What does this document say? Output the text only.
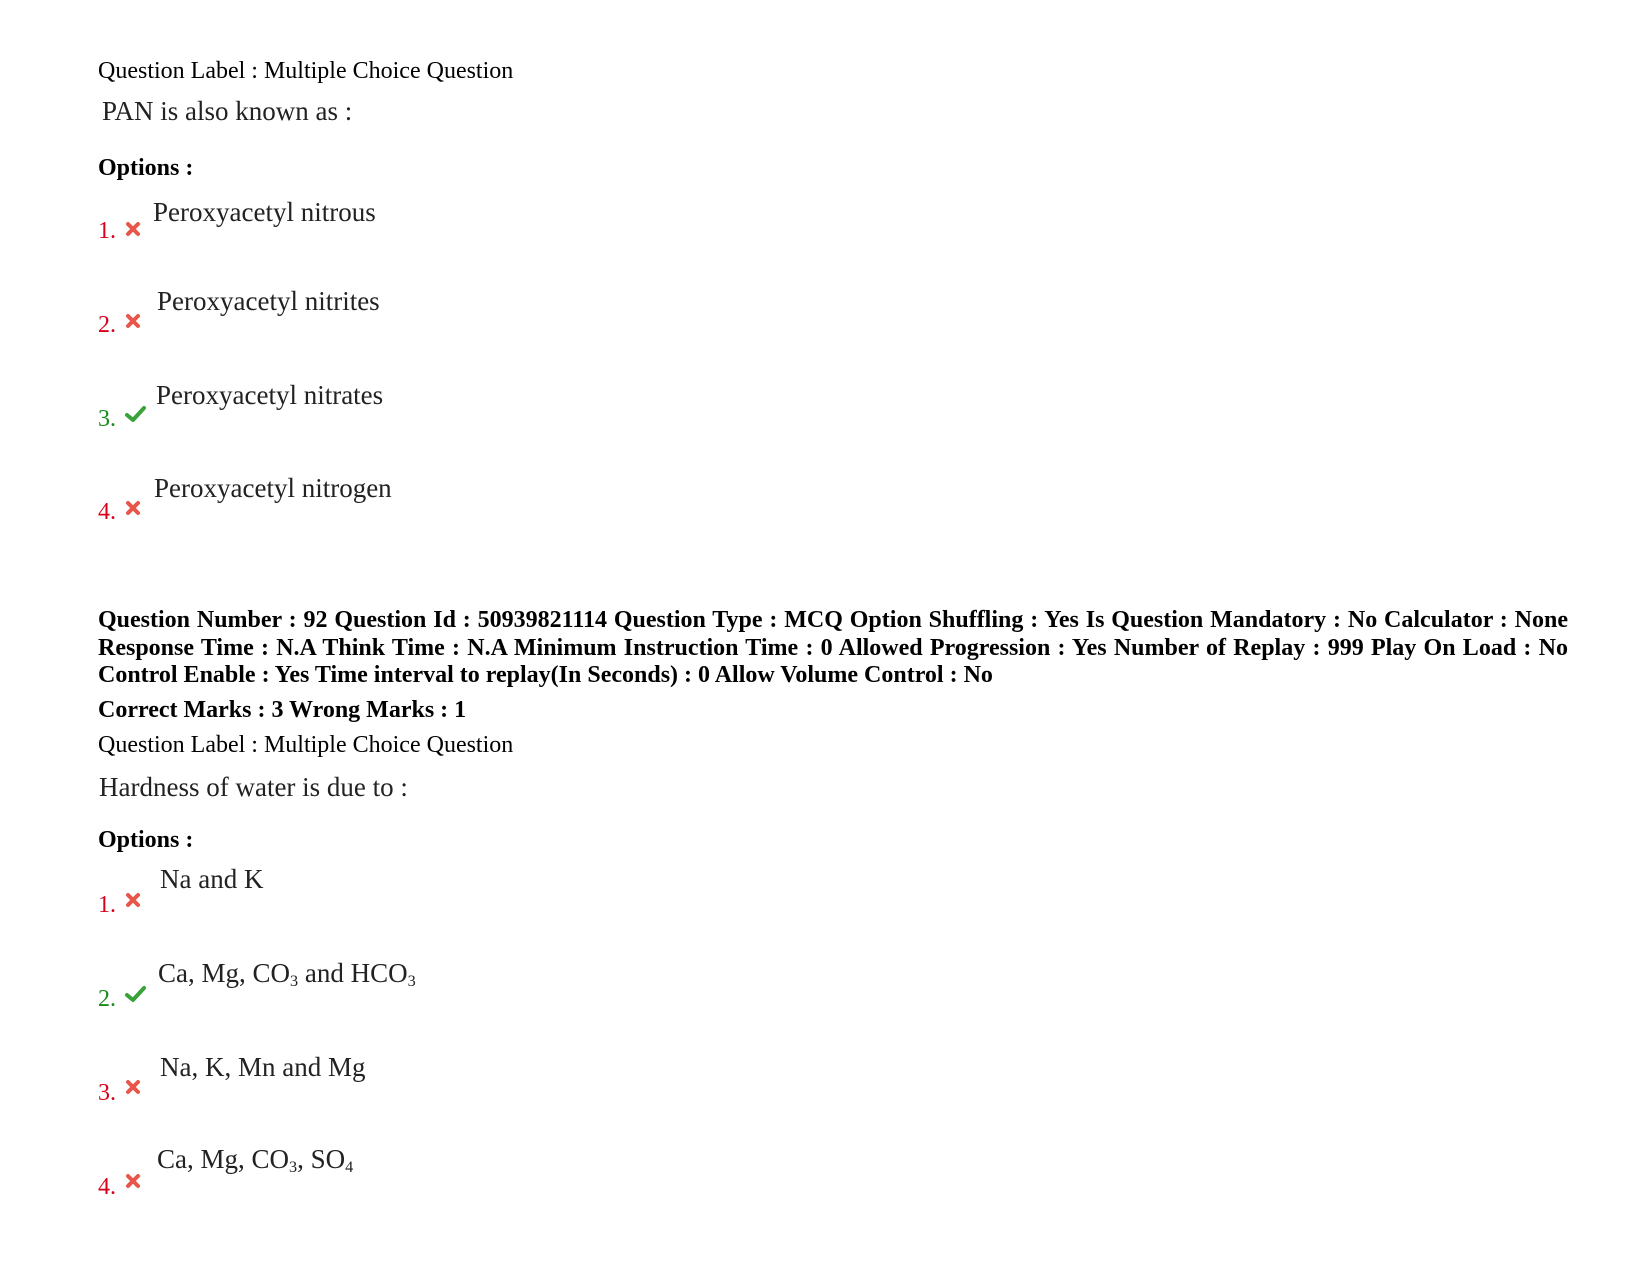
Question Label : Multiple Choice Question
PAN is also known as :
Options :
1.
Peroxyacetyl nitrous
2.
Peroxyacetyl nitrites
3.
Peroxyacetyl nitrates
4.
Peroxyacetyl nitrogen
Question Number : 92 Question Id : 50939821114 Question Type : MCQ Option Shuffling : Yes Is Question Mandatory : No Calculator : None Response Time : N.A Think Time : N.A Minimum Instruction Time : 0 Allowed Progression : Yes Number of Replay : 999 Play On Load : No Control Enable : Yes Time interval to replay(In Seconds) : 0 Allow Volume Control : No
Correct Marks : 3 Wrong Marks : 1
Question Label : Multiple Choice Question
Hardness of water is due to :
Options :
1.
Na and K
2.
Ca, Mg, $CO_3$ and $HCO_3$
3.
Na, K, Mn and Mg
4.
Ca, Mg, $CO_3$, $SO_4$
